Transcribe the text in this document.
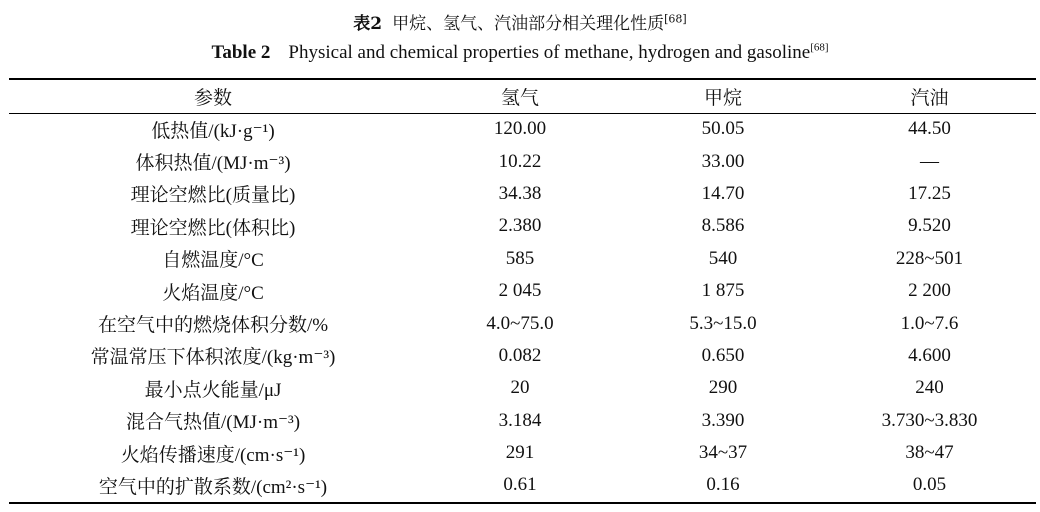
表2 甲烷、氢气、汽油部分相关理化性质[68]
Table 2 Physical and chemical properties of methane, hydrogen and gasoline[68]
参数	氢气	甲烷	汽油
低热值/(kJ·g⁻¹)	120.00	50.05	44.50
体积热值/(MJ·m⁻³)	10.22	33.00	—
理论空燃比(质量比)	34.38	14.70	17.25
理论空燃比(体积比)	2.380	8.586	9.520
自燃温度/°C	585	540	228~501
火焰温度/°C	2 045	1 875	2 200
在空气中的燃烧体积分数/%	4.0~75.0	5.3~15.0	1.0~7.6
常温常压下体积浓度/(kg·m⁻³)	0.082	0.650	4.600
最小点火能量/μJ	20	290	240
混合气热值/(MJ·m⁻³)	3.184	3.390	3.730~3.830
火焰传播速度/(cm·s⁻¹)	291	34~37	38~47
空气中的扩散系数/(cm²·s⁻¹)	0.61	0.16	0.05
